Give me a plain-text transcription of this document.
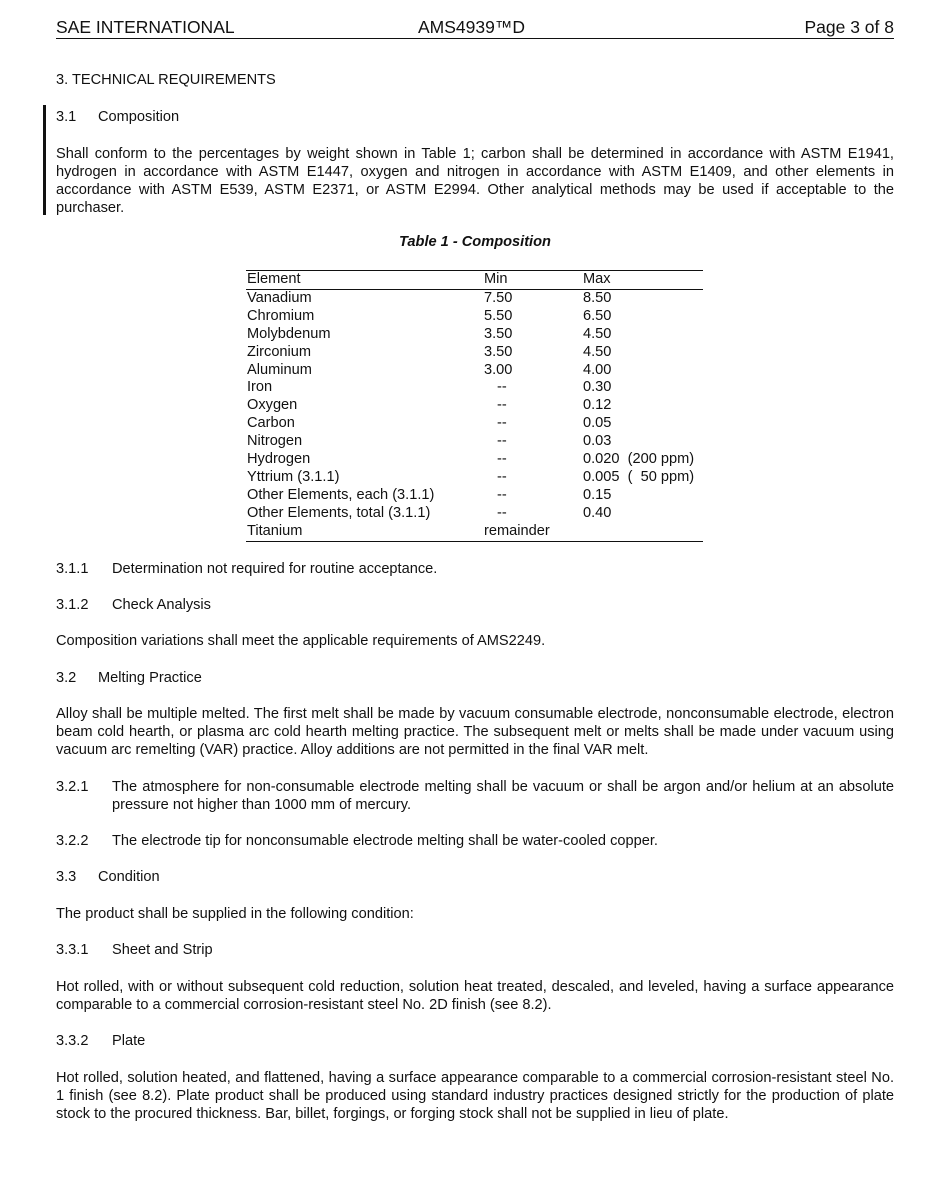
SAE INTERNATIONAL	AMS4939™D	Page 3 of 8
3. TECHNICAL REQUIREMENTS
3.1 Composition
Shall conform to the percentages by weight shown in Table 1; carbon shall be determined in accordance with ASTM E1941, hydrogen in accordance with ASTM E1447, oxygen and nitrogen in accordance with ASTM E1409, and other elements in accordance with ASTM E539, ASTM E2371, or ASTM E2994. Other analytical methods may be used if acceptable to the purchaser.
Table 1 - Composition
Element	Min	Max
Vanadium	7.50	8.50
Chromium	5.50	6.50
Molybdenum	3.50	4.50
Zirconium	3.50	4.50
Aluminum	3.00	4.00
Iron	--	0.30
Oxygen	--	0.12
Carbon	--	0.05
Nitrogen	--	0.03
Hydrogen	--	0.020  (200 ppm)
Yttrium (3.1.1)	--	0.005  (  50 ppm)
Other Elements, each (3.1.1)	--	0.15
Other Elements, total (3.1.1)	--	0.40
Titanium	remainder	
3.1.1 Determination not required for routine acceptance.
3.1.2 Check Analysis
Composition variations shall meet the applicable requirements of AMS2249.
3.2 Melting Practice
Alloy shall be multiple melted. The first melt shall be made by vacuum consumable electrode, nonconsumable electrode, electron beam cold hearth, or plasma arc cold hearth melting practice. The subsequent melt or melts shall be made under vacuum using vacuum arc remelting (VAR) practice. Alloy additions are not permitted in the final VAR melt.
3.2.1 The atmosphere for non-consumable electrode melting shall be vacuum or shall be argon and/or helium at an absolute pressure not higher than 1000 mm of mercury.
3.2.2 The electrode tip for nonconsumable electrode melting shall be water-cooled copper.
3.3 Condition
The product shall be supplied in the following condition:
3.3.1 Sheet and Strip
Hot rolled, with or without subsequent cold reduction, solution heat treated, descaled, and leveled, having a surface appearance comparable to a commercial corrosion-resistant steel No. 2D finish (see 8.2).
3.3.2 Plate
Hot rolled, solution heated, and flattened, having a surface appearance comparable to a commercial corrosion-resistant steel No. 1 finish (see 8.2). Plate product shall be produced using standard industry practices designed strictly for the production of plate stock to the procured thickness. Bar, billet, forgings, or forging stock shall not be supplied in lieu of plate.
